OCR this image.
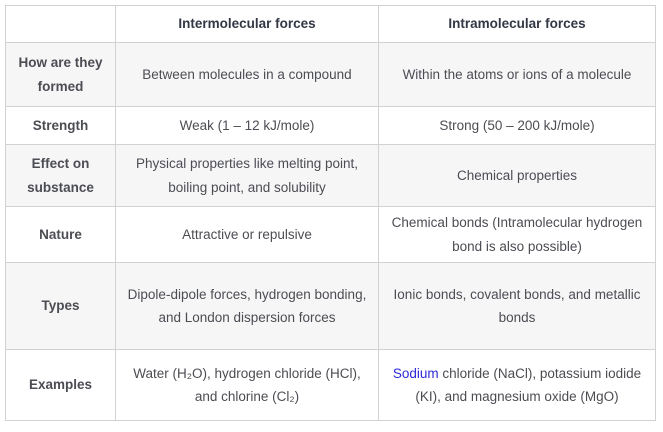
	Intermolecular forces	Intramolecular forces
How are they formed	Between molecules in a compound	Within the atoms or ions of a molecule
Strength	Weak (1 – 12 kJ/mole)	Strong (50 – 200 kJ/mole)
Effect on substance	Physical properties like melting point, boiling point, and solubility	Chemical properties
Nature	Attractive or repulsive	Chemical bonds (Intramolecular hydrogen bond is also possible)
Types	Dipole-dipole forces, hydrogen bonding, and London dispersion forces	Ionic bonds, covalent bonds, and metallic bonds
Examples	Water (H₂O), hydrogen chloride (HCl), and chlorine (Cl₂)	Sodium chloride (NaCl), potassium iodide (KI), and magnesium oxide (MgO)
